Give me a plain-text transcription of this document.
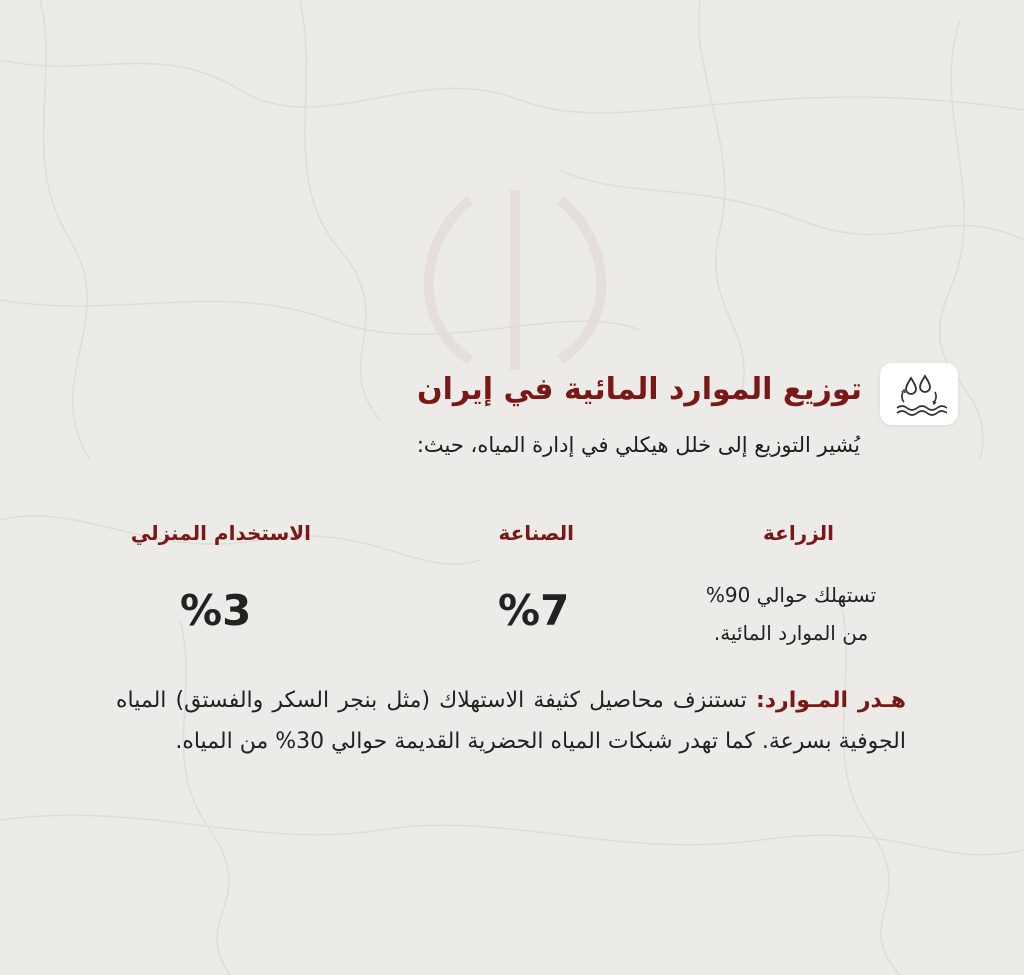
توزيع الموارد المائية في إيران
يُشير التوزيع إلى خلل هيكلي في إدارة المياه، حيث:
الزراعة
الصناعة
الاستخدام المنزلي
تستهلك حوالي 90%
من الموارد المائية.
%7
%3

هـدر المـوارد: تستنزف محاصيل كثيفة الاستهلاك (مثل بنجر السكر والفستق) المياه الجوفية بسرعة. كما تهدر شبكات المياه الحضرية القديمة حوالي 30% من المياه.
